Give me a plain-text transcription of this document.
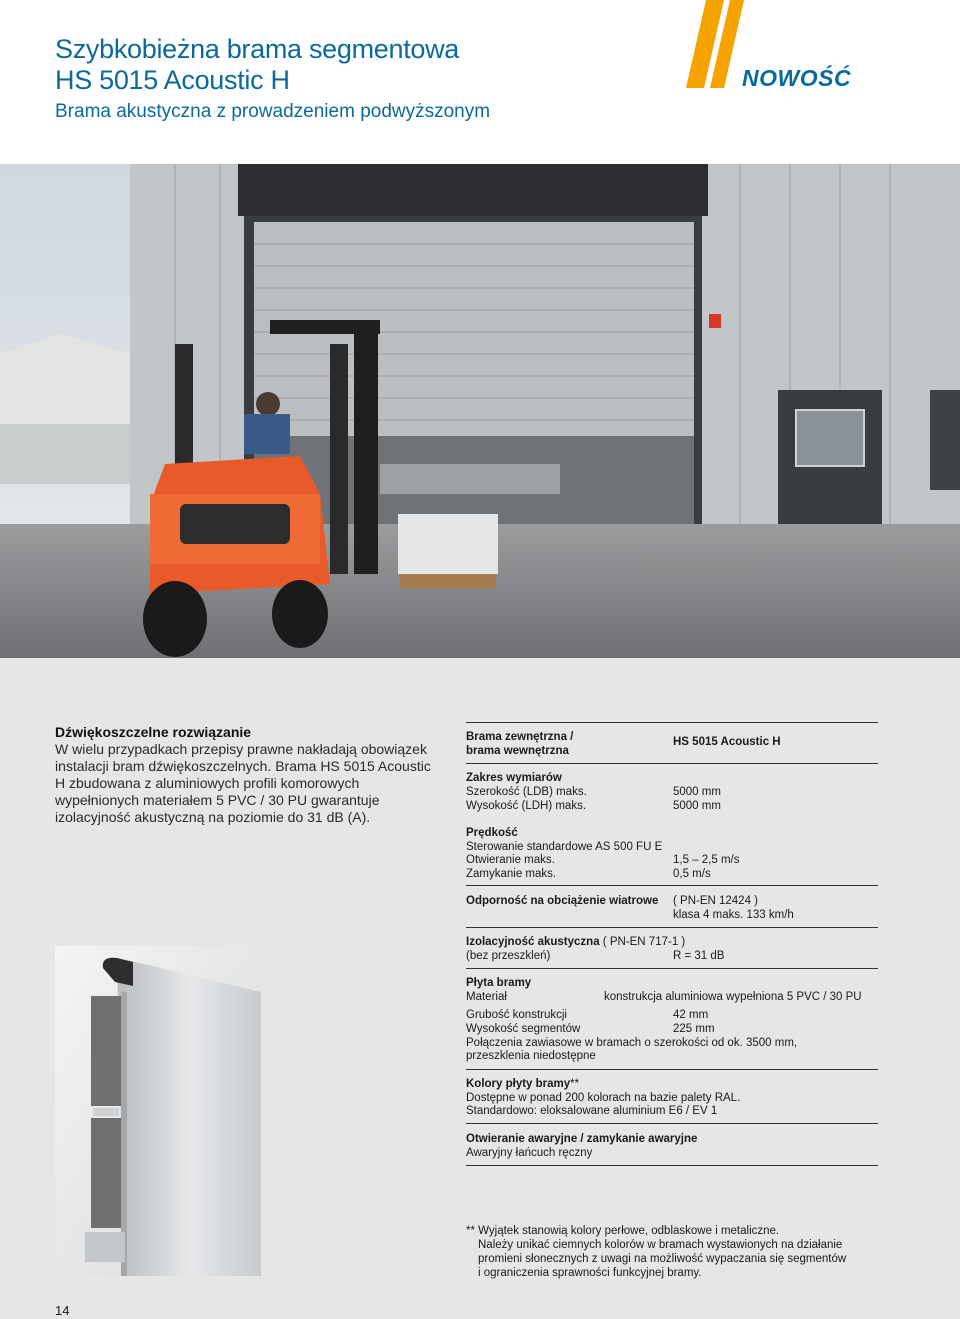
Szybkobieżna brama segmentowa
HS 5015 Acoustic H
Brama akustyczna z prowadzeniem podwyższonym
NOWOŚĆ
Dźwiękoszczelne rozwiązanie
W wielu przypadkach przepisy prawne nakładają obowiązek instalacji bram dźwiękoszczelnych. Brama HS 5015 Acoustic H zbudowana z aluminiowych profili komorowych wypełnionych materiałem 5 PVC / 30 PU gwarantuje izolacyjność akustyczną na poziomie do 31 dB (A).
Brama zewnętrzna /
brama wewnętrzna
HS 5015 Acoustic H
Zakres wymiarów
Szerokość (LDB) maks.	5000 mm
Wysokość (LDH) maks.	5000 mm
Prędkość
Sterowanie standardowe AS 500 FU E
Otwieranie maks.	1,5 – 2,5 m/s
Zamykanie maks.	0,5 m/s
Odporność na obciążenie wiatrowe ( PN-EN 12424 )
klasa 4 maks. 133 km/h
Izolacyjność akustyczna ( PN-EN 717-1 )
(bez przeszkleń)	R = 31 dB
Płyta bramy
Materiał	konstrukcja aluminiowa wypełniona 5 PVC / 30 PU
Grubość konstrukcji	42 mm
Wysokość segmentów	225 mm
Połączenia zawiasowe w bramach o szerokości od ok. 3500 mm,
przeszklenia niedostępne
Kolory płyty bramy**
Dostępne w ponad 200 kolorach na bazie palety RAL.
Standardowo: eloksalowane aluminium E6 / EV 1
Otwieranie awaryjne / zamykanie awaryjne
Awaryjny łańcuch ręczny
** Wyjątek stanowią kolory perłowe, odblaskowe i metaliczne.
Należy unikać ciemnych kolorów w bramach wystawionych na działanie
promieni słonecznych z uwagi na możliwość wypaczania się segmentów
i ograniczenia sprawności funkcyjnej bramy.
14
